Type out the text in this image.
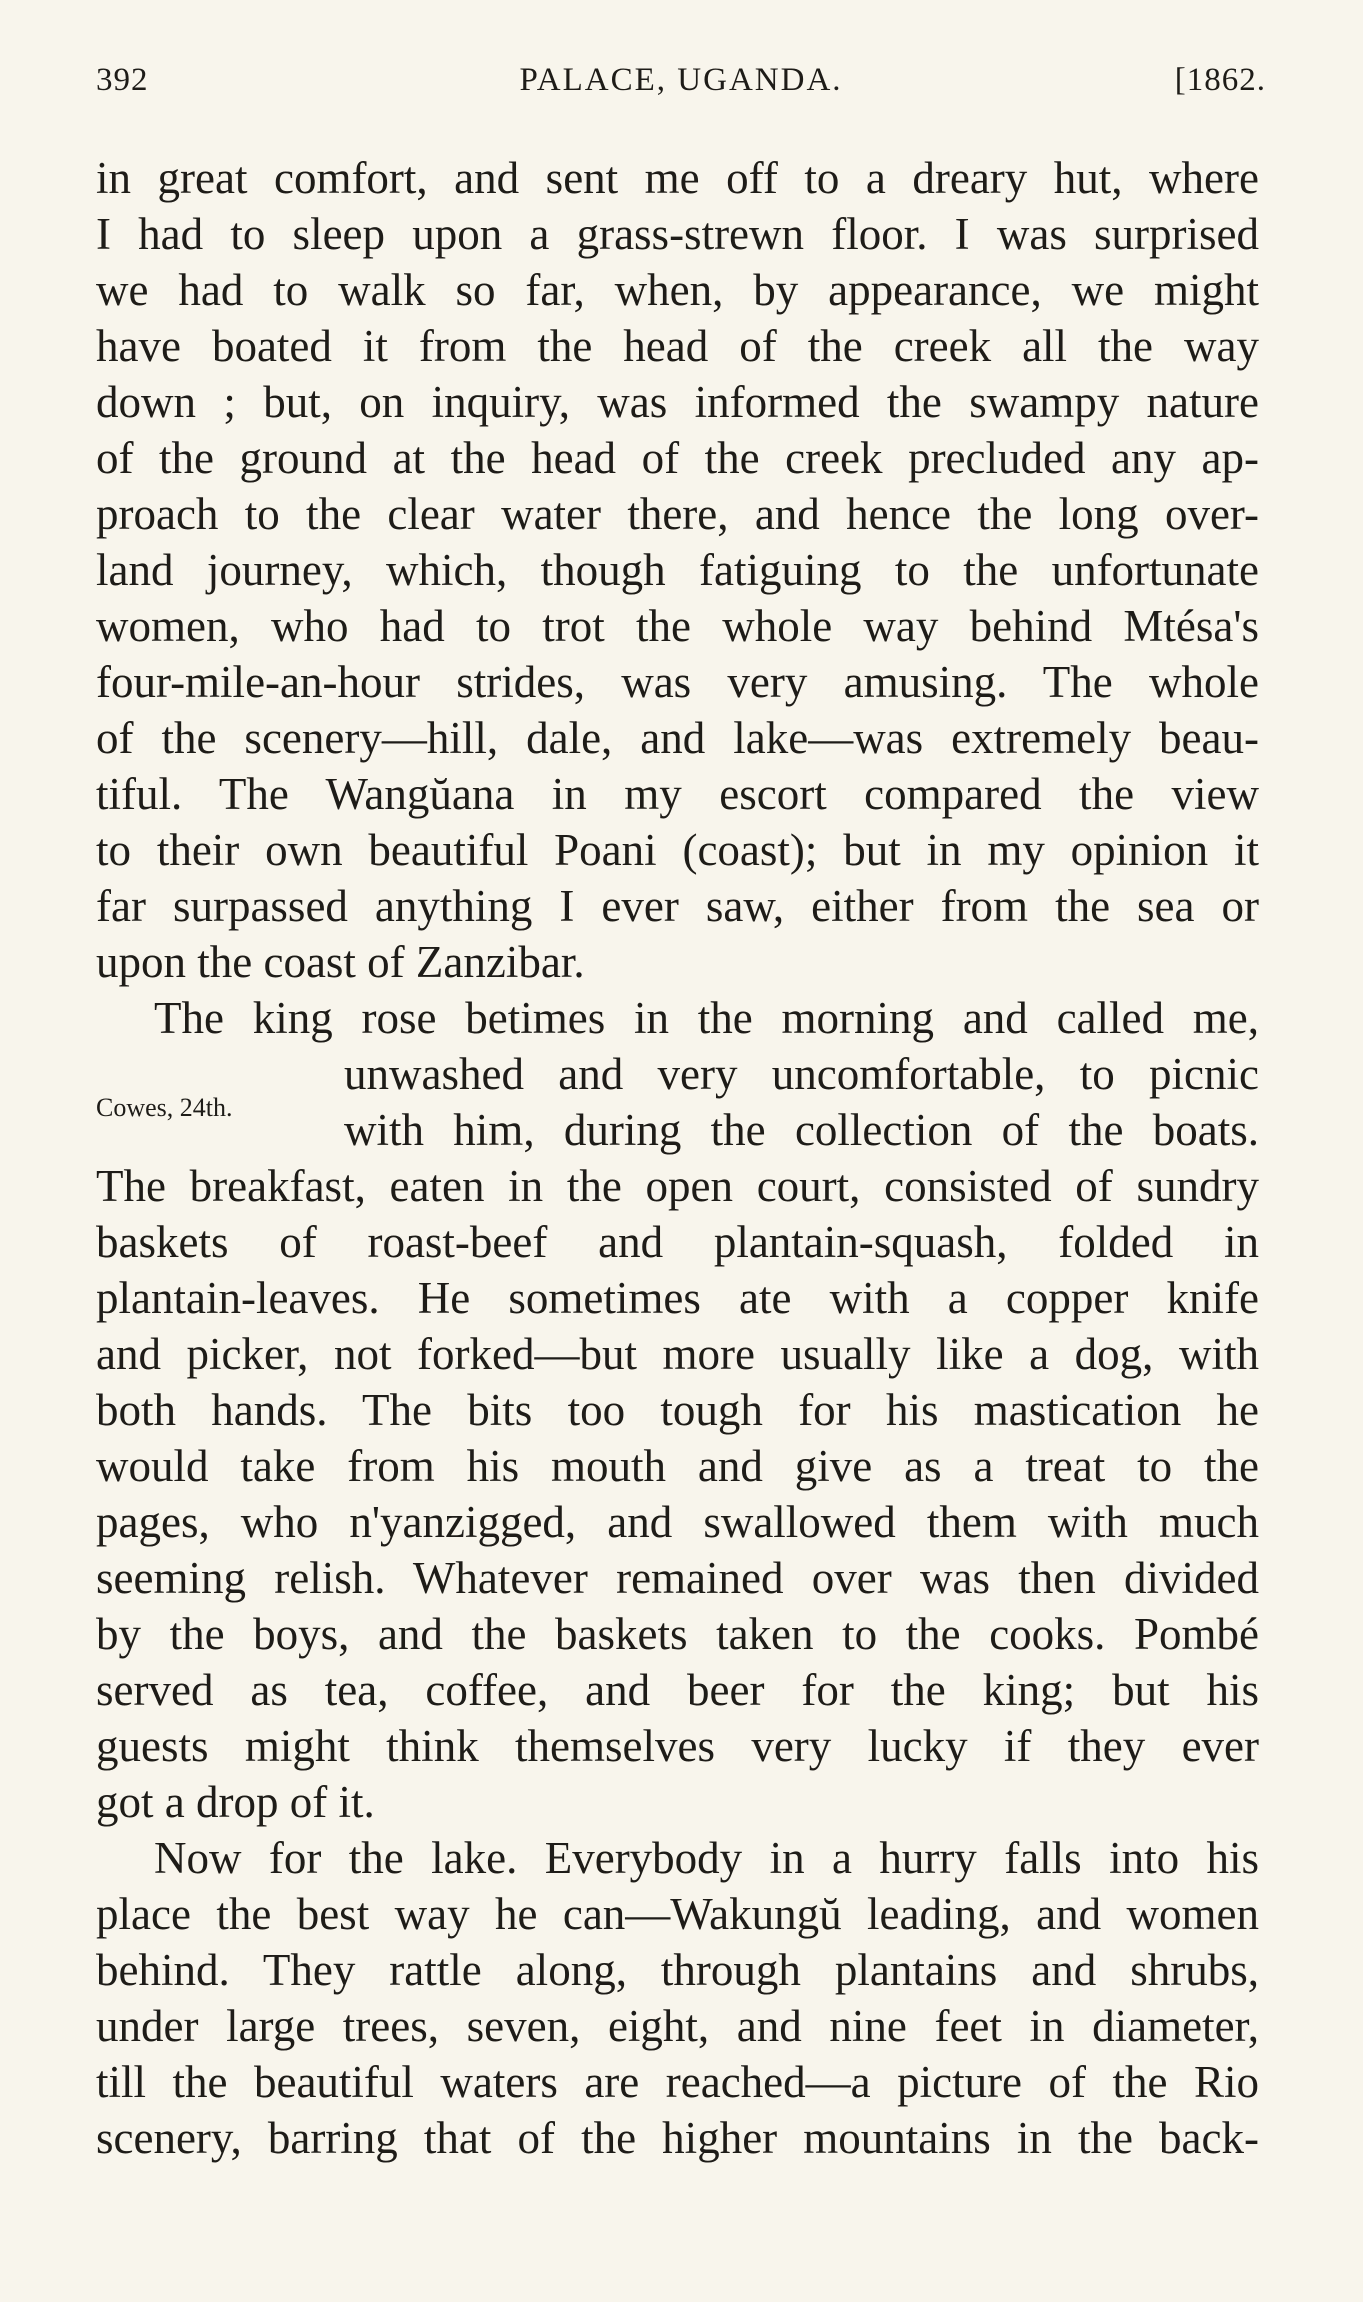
392	PALACE, UGANDA.	[1862.
Cowes, 24th.
in great comfort, and sent me off to a dreary hut, where
I had to sleep upon a grass-strewn floor. I was surprised
we had to walk so far, when, by appearance, we might
have boated it from the head of the creek all the way
down ; but, on inquiry, was informed the swampy nature
of the ground at the head of the creek precluded any ap-
proach to the clear water there, and hence the long over-
land journey, which, though fatiguing to the unfortunate
women, who had to trot the whole way behind Mtésa's
four-mile-an-hour strides, was very amusing. The whole
of the scenery—hill, dale, and lake—was extremely beau-
tiful. The Wangŭana in my escort compared the view
to their own beautiful Poani (coast); but in my opinion it
far surpassed anything I ever saw, either from the sea or
upon the coast of Zanzibar.
The king rose betimes in the morning and called me,
unwashed and very uncomfortable, to picnic
with him, during the collection of the boats.
The breakfast, eaten in the open court, consisted of sundry
baskets of roast-beef and plantain-squash, folded in
plantain-leaves. He sometimes ate with a copper knife
and picker, not forked—but more usually like a dog, with
both hands. The bits too tough for his mastication he
would take from his mouth and give as a treat to the
pages, who n'yanzigged, and swallowed them with much
seeming relish. Whatever remained over was then divided
by the boys, and the baskets taken to the cooks. Pombé
served as tea, coffee, and beer for the king; but his
guests might think themselves very lucky if they ever
got a drop of it.
Now for the lake. Everybody in a hurry falls into his
place the best way he can—Wakungŭ leading, and women
behind. They rattle along, through plantains and shrubs,
under large trees, seven, eight, and nine feet in diameter,
till the beautiful waters are reached—a picture of the Rio
scenery, barring that of the higher mountains in the back-
